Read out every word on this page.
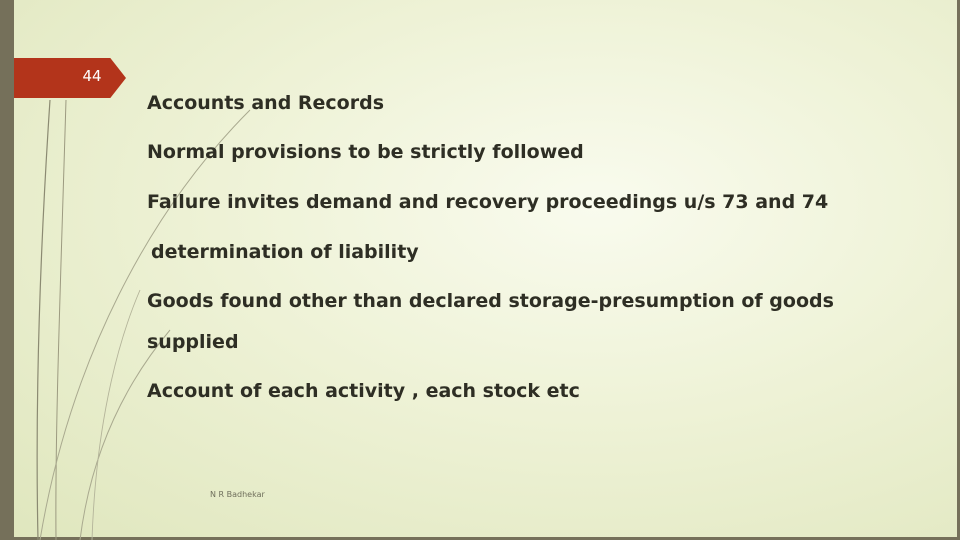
44
Accounts and Records
Normal provisions to be strictly followed
Failure invites demand and recovery proceedings u/s 73 and 74
determination of liability
Goods found other than declared storage-presumption of goods
supplied
Account of each activity , each stock etc
N R Badhekar
